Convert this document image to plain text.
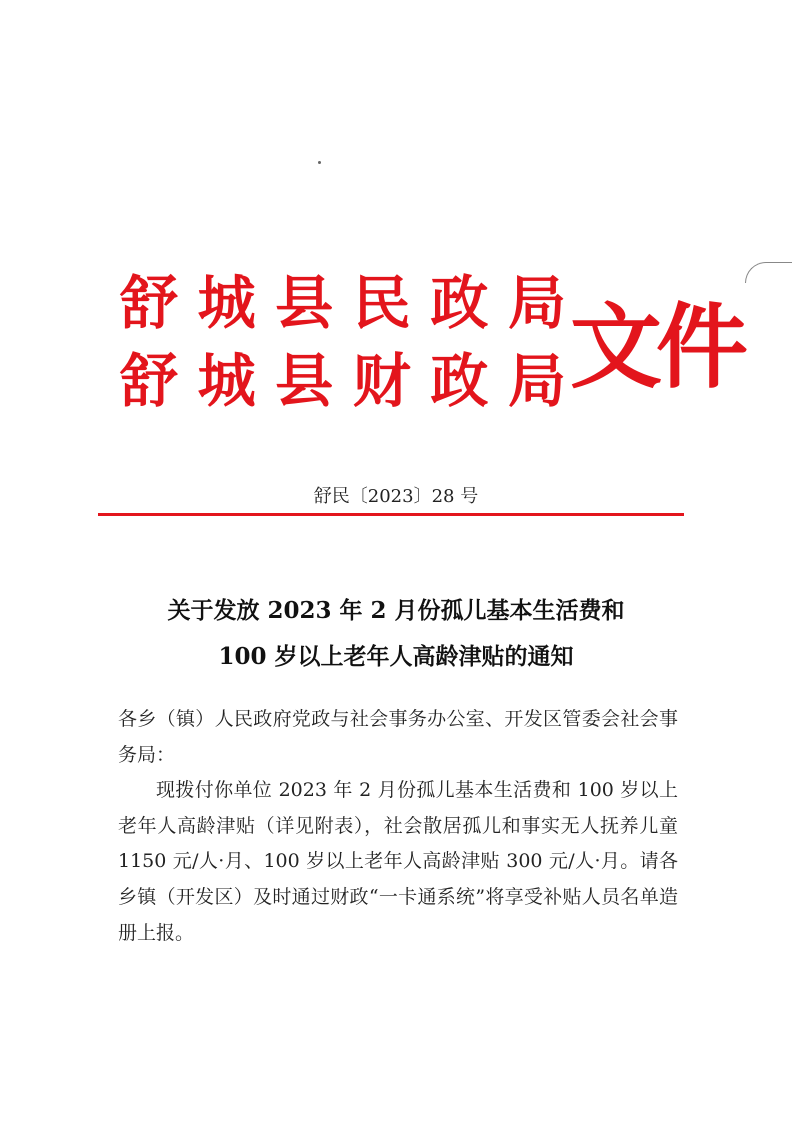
舒 城 县 民 政 局
舒 城 县 财 政 局 文件
舒民〔2023〕28 号
关于发放 2023 年 2 月份孤儿基本生活费和
100 岁以上老年人高龄津贴的通知

各乡（镇）人民政府党政与社会事务办公室、开发区管委会社会事务局：

现拨付你单位 2023 年 2 月份孤儿基本生活费和 100 岁以上老年人高龄津贴（详见附表），社会散居孤儿和事实无人抚养儿童 1150 元/人·月、100 岁以上老年人高龄津贴 300 元/人·月。请各乡镇（开发区）及时通过财政“一卡通系统”将享受补贴人员名单造册上报。
